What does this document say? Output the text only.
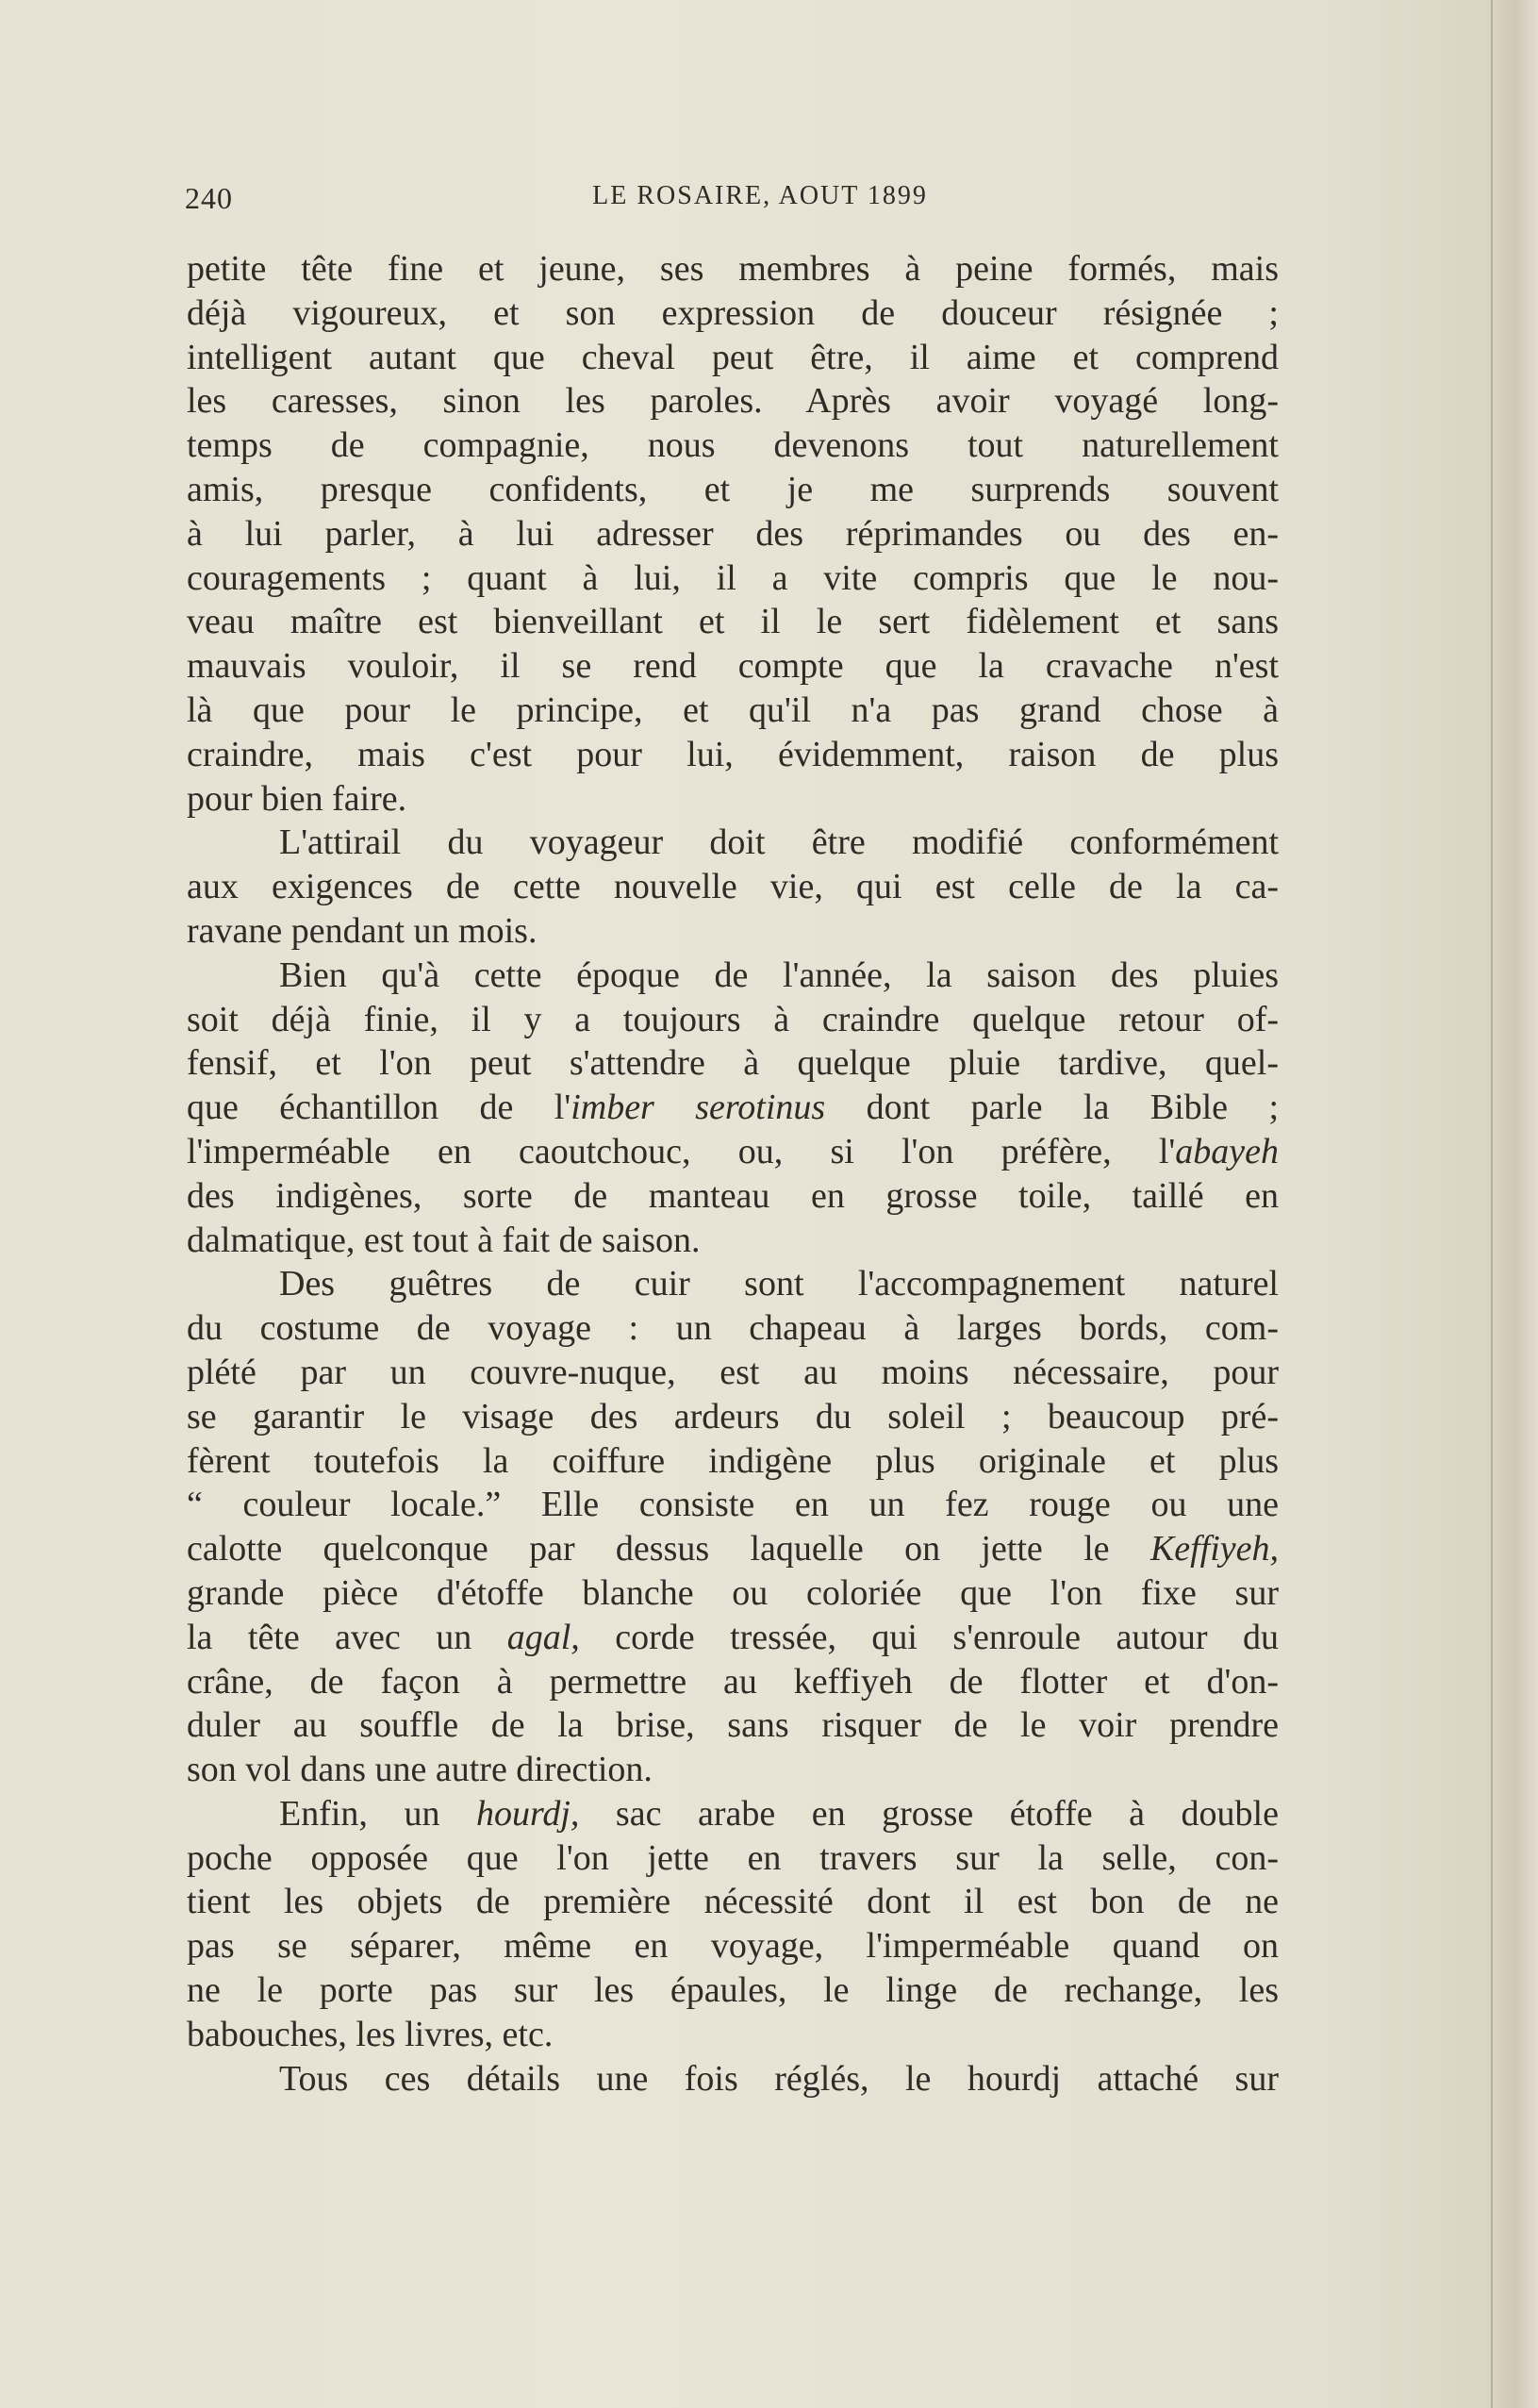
240	LE ROSAIRE, AOUT 1899
petite tête fine et jeune, ses membres à peine formés, mais
déjà vigoureux, et son expression de douceur résignée ;
intelligent autant que cheval peut être, il aime et comprend
les caresses, sinon les paroles. Après avoir voyagé long-
temps de compagnie, nous devenons tout naturellement
amis, presque confidents, et je me surprends souvent
à lui parler, à lui adresser des réprimandes ou des en-
couragements ; quant à lui, il a vite compris que le nou-
veau maître est bienveillant et il le sert fidèlement et sans
mauvais vouloir, il se rend compte que la cravache n'est
là que pour le principe, et qu'il n'a pas grand chose à
craindre, mais c'est pour lui, évidemment, raison de plus
pour bien faire.
L'attirail du voyageur doit être modifié conformément
aux exigences de cette nouvelle vie, qui est celle de la ca-
ravane pendant un mois.
Bien qu'à cette époque de l'année, la saison des pluies
soit déjà finie, il y a toujours à craindre quelque retour of-
fensif, et l'on peut s'attendre à quelque pluie tardive, quel-
que échantillon de l'imber serotinus dont parle la Bible ;
l'imperméable en caoutchouc, ou, si l'on préfère, l'abayeh
des indigènes, sorte de manteau en grosse toile, taillé en
dalmatique, est tout à fait de saison.
Des guêtres de cuir sont l'accompagnement naturel
du costume de voyage : un chapeau à larges bords, com-
plété par un couvre-nuque, est au moins nécessaire, pour
se garantir le visage des ardeurs du soleil ; beaucoup pré-
fèrent toutefois la coiffure indigène plus originale et plus
“ couleur locale.” Elle consiste en un fez rouge ou une
calotte quelconque par dessus laquelle on jette le Keffiyeh,
grande pièce d'étoffe blanche ou coloriée que l'on fixe sur
la tête avec un agal, corde tressée, qui s'enroule autour du
crâne, de façon à permettre au keffiyeh de flotter et d'on-
duler au souffle de la brise, sans risquer de le voir prendre
son vol dans une autre direction.
Enfin, un hourdj, sac arabe en grosse étoffe à double
poche opposée que l'on jette en travers sur la selle, con-
tient les objets de première nécessité dont il est bon de ne
pas se séparer, même en voyage, l'imperméable quand on
ne le porte pas sur les épaules, le linge de rechange, les
babouches, les livres, etc.
Tous ces détails une fois réglés, le hourdj attaché sur
